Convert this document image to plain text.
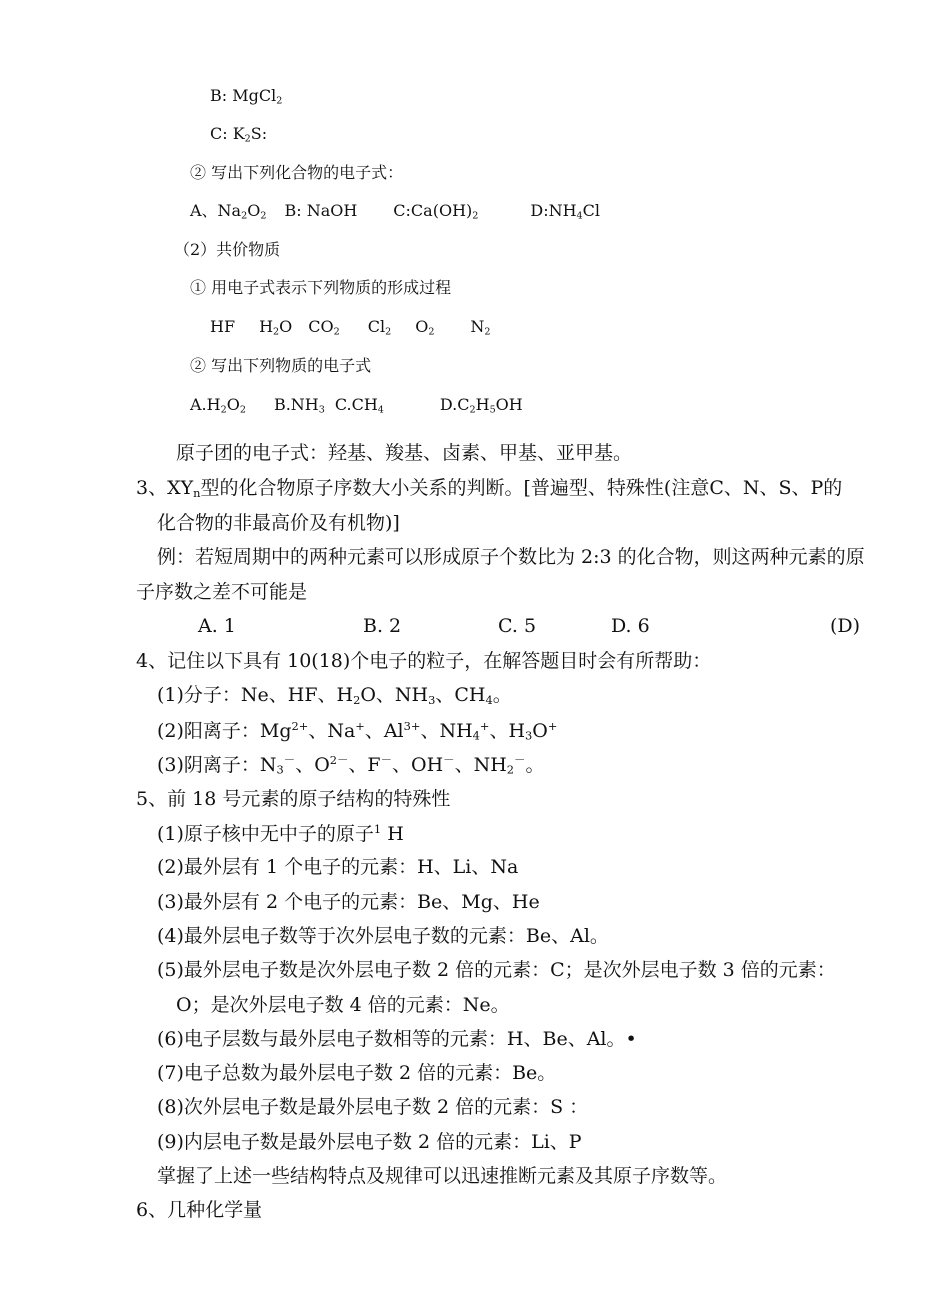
B: MgCl$_2$
C: $K_2S$:
② 写出下列化合物的电子式：
A、$Na_2O_2$ B: NaOH $C:Ca(OH)_2$	$D:NH_4Cl$
（2）共价物质
① 用电子式表示下列物质的形成过程
HF $H_2O$ $CO_2$ $Cl_2$ $O_2$ $N_2$
② 写出下列物质的电子式
$A.H_2O_2$ $B.NH_3$ $C.CH_4$	$D.C_2H_5OH$
原子团的电子式：羟基、羧基、卤素、甲基、亚甲基。
3、$XY_n$型的化合物原子序数大小关系的判断。[普遍型、特殊性(注意C、N、S、P的
化合物的非最高价及有机物)]
例：若短周期中的两种元素可以形成原子个数比为 2:3 的化合物，则这两种元素的原
子序数之差不可能是
A. 1	B. 2	C. 5	D. 6	(D)
4、记住以下具有 10(18)个电子的粒子，在解答题目时会有所帮助：
(1)分子：Ne、HF、$H_2O$、$NH_3$、$CH_4$。
(2)阳离子：$Mg^{2+}$、Na+、$Al^{3+}$、$NH_4^+$、$H_3O^+$
(3)阴离子：$N_3^-$、$O^{2-}$、F－、OH－、$NH_2^-$。
5、前 18 号元素的原子结构的特殊性
(1)原子核中无中子的原子$^1$ H
(2)最外层有 1 个电子的元素：H、Li、Na
(3)最外层有 2 个电子的元素：Be、Mg、He
(4)最外层电子数等于次外层电子数的元素：Be、Al。
(5)最外层电子数是次外层电子数 2 倍的元素：C；是次外层电子数 3 倍的元素：
O；是次外层电子数 4 倍的元素：Ne。
(6)电子层数与最外层电子数相等的元素：H、Be、Al。•
(7)电子总数为最外层电子数 2 倍的元素：Be。
(8)次外层电子数是最外层电子数 2 倍的元素：S ：
(9)内层电子数是最外层电子数 2 倍的元素：Li、P
掌握了上述一些结构特点及规律可以迅速推断元素及其原子序数等。
6、几种化学量
